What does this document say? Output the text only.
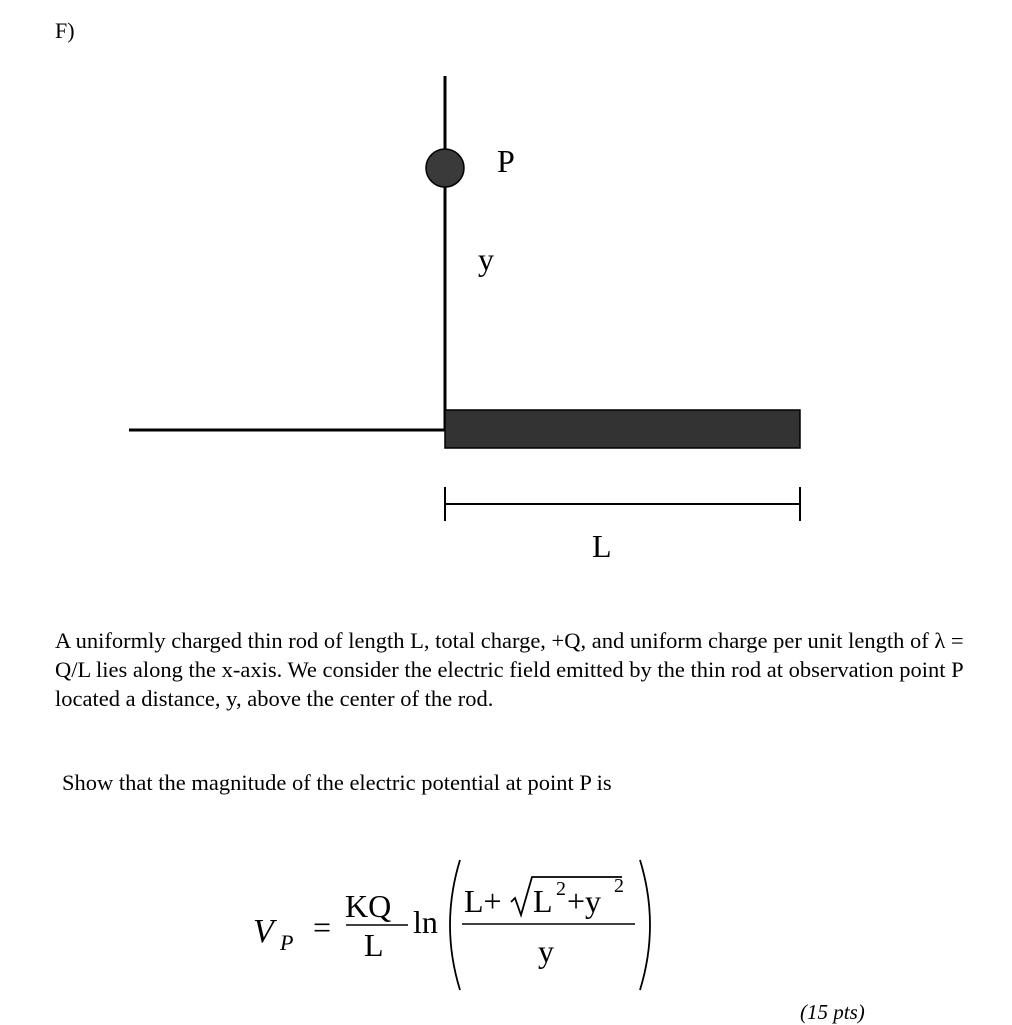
F)
P
y
L
A uniformly charged thin rod of length L, total charge, +Q, and uniform charge per unit length of λ = Q/L lies along the x-axis. We consider the electric field emitted by the thin rod at observation point P located a distance, y, above the center of the rod.
Show that the magnitude of the electric potential at point P is
V P =
KQ
L
ln
L+ L 2 +y 2
y
(15 pts)
